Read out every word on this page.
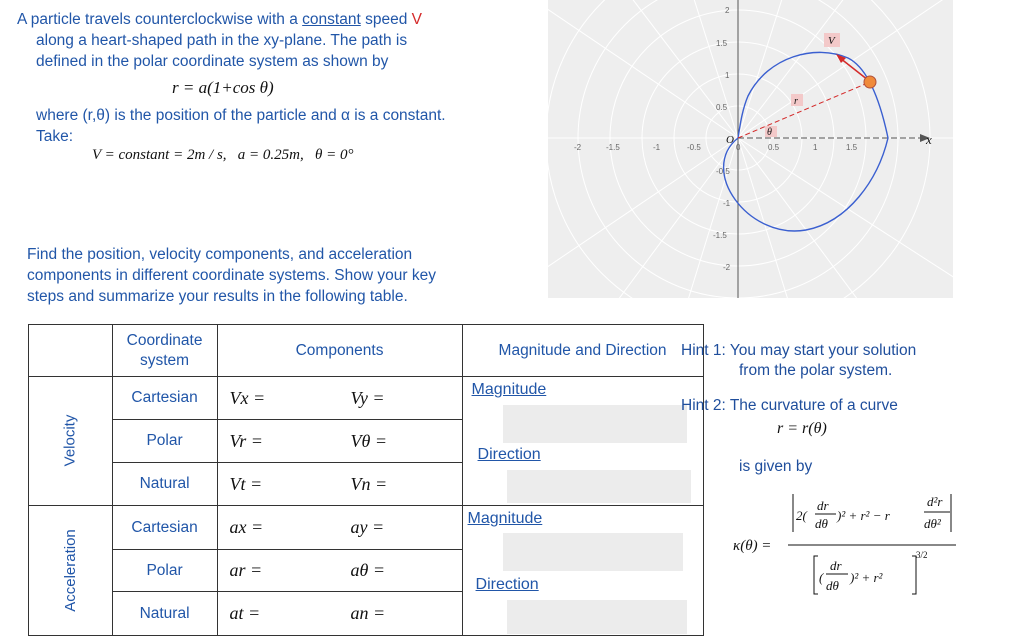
A particle travels counterclockwise with a constant speed V
along a heart-shaped path in the xy-plane. The path is
defined in the polar coordinate system as shown by
r = a(1+cos θ)
where (r,θ) is the position of the particle and α is a constant.
Take:
V = constant = 2m / s,   a = 0.25m,   θ = 0°
Find the position, velocity components, and acceleration
components in different coordinate systems. Show your key
steps and summarize your results in the following table.
V
r
θ	x
O
-2	-1.5	-1	-0.5	0	0.5	1	1.5
2
1.5
1
0.5
-0.5
-1
-1.5
-2
	Coordinate system	Components		Magnitude and Direction
Velocity	Cartesian	Vx =	Vy =	Magnitude
Direction

	Polar	Vr =	Vθ =	
	Natural	Vt =	Vn =	
Acceleration	Cartesian	ax =	ay =	Magnitude
Direction

	Polar	ar =	aθ =	
	Natural	at =	an =	
Hint 1: You may start your solution
from the polar system.
Hint 2: The curvature of a curve
r = r(θ)
is given by
κ(θ) =
2(
dr
dθ
)² + r² − r
d²r
dθ²
(
dr
dθ
)² + r²
3/2
